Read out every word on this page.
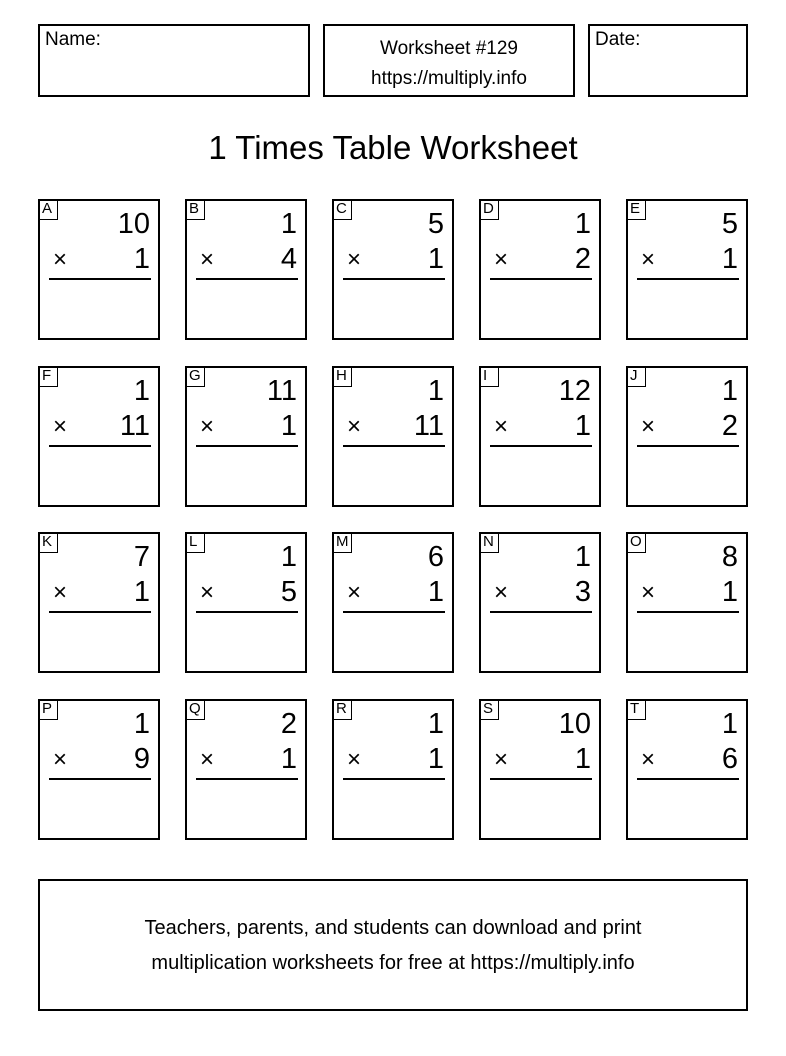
Name:	Worksheet #129
https://multiply.info
Date:
1 Times Table Worksheet
A 10
× 1
B	1
× 4
C	5
× 1
D	1
× 2
E	5
× 1
F	1
× 11
G 11
× 1
H	1
× 11
I	12
× 1
J	1
× 2
K	7
× 1
L	1
× 5
M	6
× 1
N	1
× 3
O	8
× 1
P	1
× 9
Q	2
× 1
R	1
× 1
S 10
× 1
T	1
× 6
Teachers, parents, and students can download and print
multiplication worksheets for free at https://multiply.info
